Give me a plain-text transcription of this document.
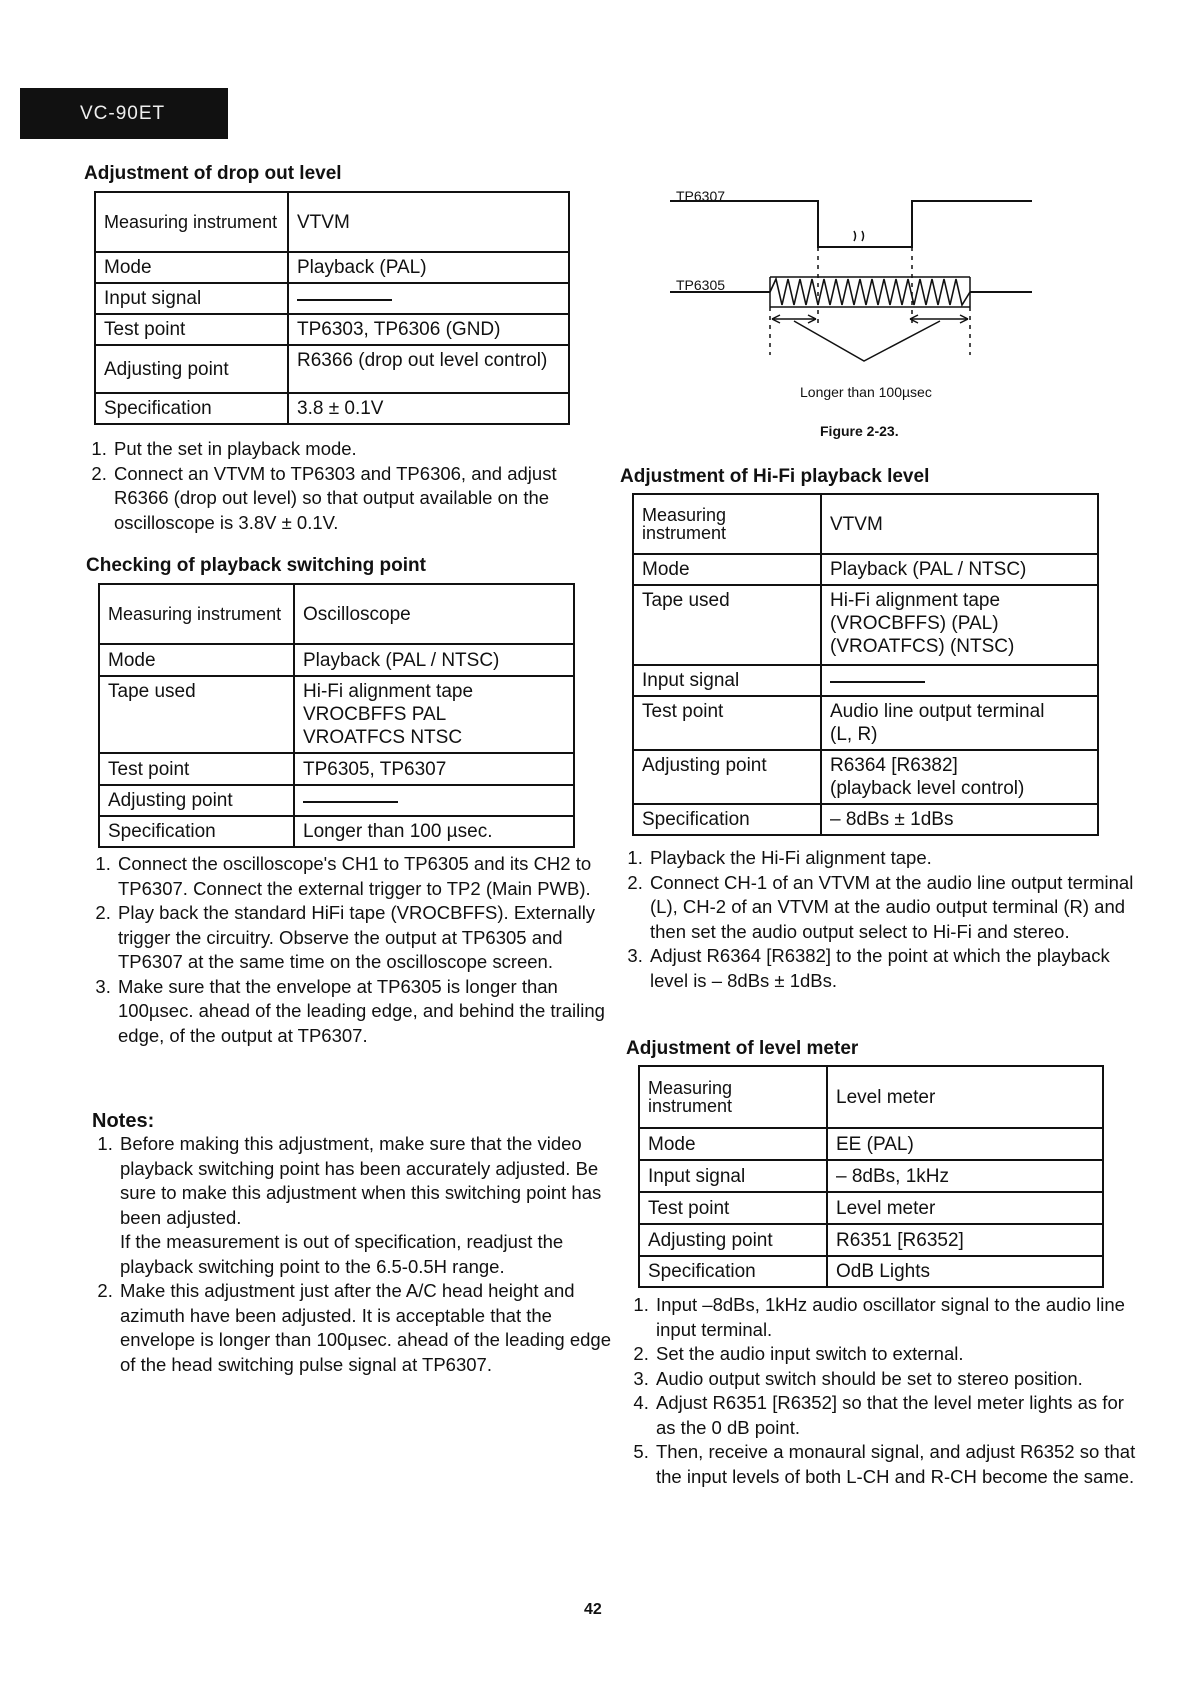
VC-90ET
Adjustment of drop out level
Measuring instrument	VTVM
Mode	Playback (PAL)
Input signal	
Test point	TP6303, TP6306 (GND)
Adjusting point	R6366 (drop out level control)
Specification	3.8 ± 0.1V
1. Put the set in playback mode.
2. Connect an VTVM to TP6303 and TP6306, and adjust R6366 (drop out level) so that output available on the oscilloscope is 3.8V ± 0.1V.
Checking of playback switching point
Measuring instrument	Oscilloscope
Mode	Playback (PAL / NTSC)
Tape used	Hi-Fi alignment tape
VROCBFFS PAL
VROATFCS NTSC
Test point	TP6305, TP6307
Adjusting point	
Specification	Longer than 100 µsec.
1. Connect the oscilloscope's CH1 to TP6305 and its CH2 to TP6307. Connect the external trigger to TP2 (Main PWB).
2. Play back the standard HiFi tape (VROCBFFS). Externally trigger the circuitry. Observe the output at TP6305 and TP6307 at the same time on the oscilloscope screen.
3. Make sure that the envelope at TP6305 is longer than 100µsec. ahead of the leading edge, and behind the trailing edge, of the output at TP6307.
Notes:
1. Before making this adjustment, make sure that the video playback switching point has been accurately adjusted. Be sure to make this adjustment when this switching point has been adjusted.
If the measurement is out of specification, readjust the playback switching point to the 6.5-0.5H range.
2. Make this adjustment just after the A/C head height and azimuth have been adjusted. It is acceptable that the envelope is longer than 100µsec. ahead of the leading edge of the head switching pulse signal at TP6307.
TP6307
TP6305
Longer than 100µsec
Figure 2-23.
Adjustment of Hi-Fi playback level
Measuring instrument	VTVM
Mode	Playback (PAL / NTSC)
Tape used	Hi-Fi alignment tape
(VROCBFFS) (PAL)
(VROATFCS) (NTSC)
Input signal	
Test point	Audio line output terminal
(L, R)
Adjusting point	R6364 [R6382]
(playback level control)
Specification	– 8dBs ± 1dBs
1. Playback the Hi-Fi alignment tape.
2. Connect CH-1 of an VTVM at the audio line output terminal (L), CH-2 of an VTVM at the audio output terminal (R) and then set the audio output select to Hi-Fi and stereo.
3. Adjust R6364 [R6382] to the point at which the playback level is – 8dBs ± 1dBs.
Adjustment of level meter
Measuring instrument	Level meter
Mode	EE (PAL)
Input signal	– 8dBs, 1kHz
Test point	Level meter
Adjusting point	R6351 [R6352]
Specification	OdB Lights
1. Input –8dBs, 1kHz audio oscillator signal to the audio line input terminal.
2. Set the audio input switch to external.
3. Audio output switch should be set to stereo position.
4. Adjust R6351 [R6352] so that the level meter lights as for as the 0 dB point.
5. Then, receive a monaural signal, and adjust R6352 so that the input levels of both L-CH and R-CH become the same.
42
